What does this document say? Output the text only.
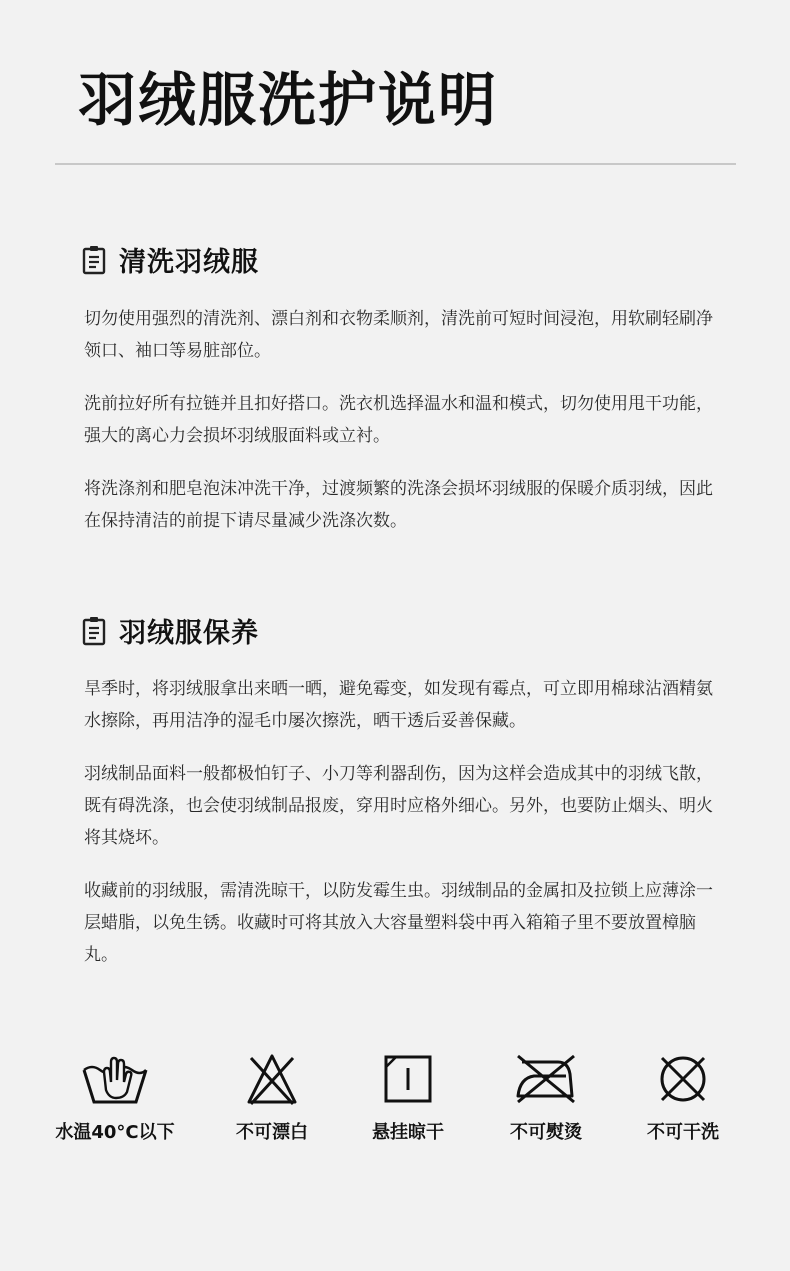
羽绒服洗护说明
清洗羽绒服

切勿使用强烈的清洗剂、漂白剂和衣物柔顺剂，清洗前可短时间浸泡，用软刷轻刷净领口、袖口等易脏部位。

洗前拉好所有拉链并且扣好搭口。洗衣机选择温水和温和模式，切勿使用甩干功能，强大的离心力会损坏羽绒服面料或立衬。

将洗涤剂和肥皂泡沫冲洗干净，过渡频繁的洗涤会损坏羽绒服的保暖介质羽绒，因此在保持清洁的前提下请尽量减少洗涤次数。

羽绒服保养

旱季时，将羽绒服拿出来晒一晒，避免霉变，如发现有霉点，可立即用棉球沾酒精氨水擦除，再用洁净的湿毛巾屡次擦洗，晒干透后妥善保藏。

羽绒制品面料一般都极怕钉子、小刀等利器刮伤，因为这样会造成其中的羽绒飞散，既有碍洗涤，也会使羽绒制品报废，穿用时应格外细心。另外，也要防止烟头、明火将其烧坏。

收藏前的羽绒服，需清洗晾干，以防发霉生虫。羽绒制品的金属扣及拉锁上应薄涂一层蜡脂，以免生锈。收藏时可将其放入大容量塑料袋中再入箱箱子里不要放置樟脑丸。

水温40°C以下	不可漂白	悬挂晾干	不可熨烫	不可干洗
